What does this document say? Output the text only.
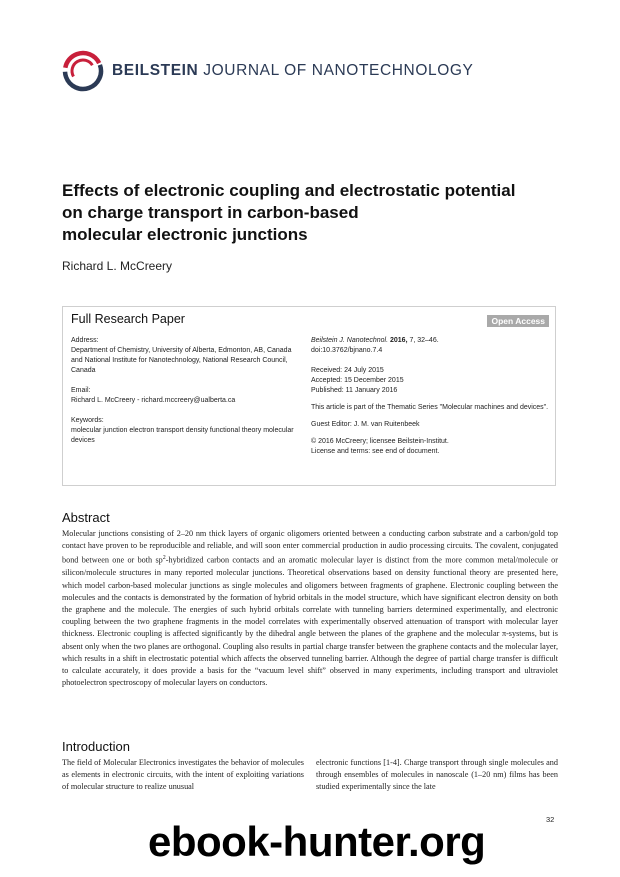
BEILSTEIN JOURNAL OF NANOTECHNOLOGY
Effects of electronic coupling and electrostatic potential
on charge transport in carbon-based
molecular electronic junctions
Richard L. McCreery
Full Research Paper	Open Access
Address:
Department of Chemistry, University of Alberta, Edmonton, AB, Canada and National Institute for Nanotechnology, National Research Council, Canada
Email:
Richard L. McCreery - richard.mccreery@ualberta.ca
Keywords:
molecular junction electron transport density functional theory molecular devices
Beilstein J. Nanotechnol. 2016, 7, 32–46.
doi:10.3762/bjnano.7.4
Received: 24 July 2015
Accepted: 15 December 2015
Published: 11 January 2016
This article is part of the Thematic Series "Molecular machines and devices".
Guest Editor: J. M. van Ruitenbeek
© 2016 McCreery; licensee Beilstein-Institut.
License and terms: see end of document.
Abstract
Molecular junctions consisting of 2–20 nm thick layers of organic oligomers oriented between a conducting carbon substrate and a carbon/gold top contact have proven to be reproducible and reliable, and will soon enter commercial production in audio processing circuits. The covalent, conjugated bond between one or both $sp^2$-hybridized carbon contacts and an aromatic molecular layer is distinct from the more common metal/molecule or silicon/molecule structures in many reported molecular junctions. Theoretical observations based on density functional theory are presented here, which model carbon-based molecular junctions as single molecules and oligomers between fragments of graphene. Electronic coupling between the molecules and the contacts is demonstrated by the formation of hybrid orbitals in the model structure, which have significant electron density on both the graphene and the molecule. The energies of such hybrid orbitals correlate with tunneling barriers determined experimentally, and electronic coupling between the two graphene fragments in the model correlates with experimentally observed attenuation of transport with molecular layer thickness. Electronic coupling is affected significantly by the dihedral angle between the planes of the graphene and the molecular π-systems, but is absent only when the two planes are orthogonal. Coupling also results in partial charge transfer between the graphene contacts and the molecular layer, which results in a shift in electrostatic potential which affects the observed tunneling barrier. Although the degree of partial charge transfer is difficult to calculate accurately, it does provide a basis for the “vacuum level shift” observed in many experiments, including transport and ultraviolet photoelectron spectroscopy of molecular layers on conductors.
Introduction
The field of Molecular Electronics investigates the behavior of molecules as elements in electronic circuits, with the intent of exploiting variations of molecular structure to realize unusual
electronic functions [1-4]. Charge transport through single molecules and through ensembles of molecules in nanoscale (1–20 nm) films has been studied experimentally since the late
32
ebook-hunter.org
